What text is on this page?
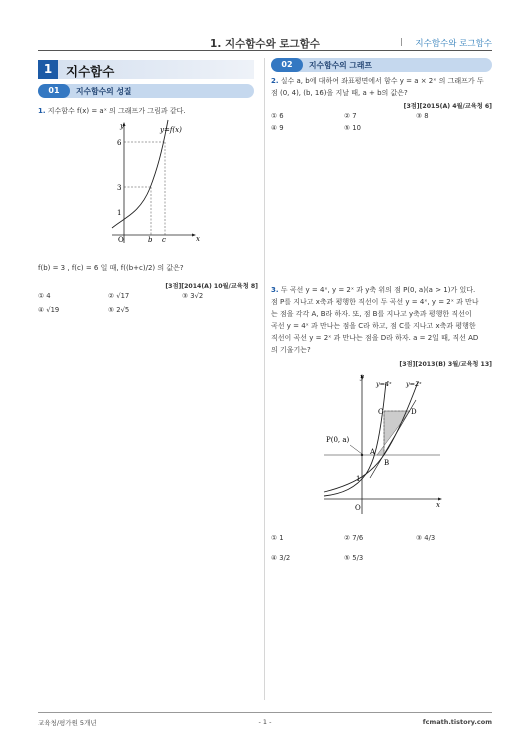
1. 지수함수와 로그함수	지수함수와 로그함수
1	지수함수
01	지수함수의 성질
1. 지수함수 f(x) = aˣ 의 그래프가 그림과 같다.
y
x
y=f(x)
6
3
1
O	b c
f(b) = 3 , f(c) = 6 일 때, f((b+c)/2) 의 값은?
[3점][2014(A) 10월/교육청 8]
① 4	② √17	③ 3√2
④ √19	⑤ 2√5
02	지수함수의 그래프
2. 실수 a, b에 대하여 좌표평면에서 함수 y = a × 2ˣ 의 그래프가 두
점 (0, 4), (b, 16)을 지날 때, a + b의 값은?
[3점][2015(A) 4월/교육청 6]
① 6	② 7	③ 8
④ 9	⑤ 10
3. 두 곡선 y = 4ˣ, y = 2ˣ 과 y축 위의 점 P(0, a)(a > 1)가 있다.
점 P를 지나고 x축과 평행한 직선이 두 곡선 y = 4ˣ, y = 2ˣ 과 만나
는 점을 각각 A, B라 하자. 또, 점 B를 지나고 y축과 평행한 직선이
곡선 y = 4ˣ 과 만나는 점을 C라 하고, 점 C를 지나고 x축과 평행한
직선이 곡선 y = 2ˣ 과 만나는 점을 D라 하자. a = 2일 때, 직선 AD
의 기울기는?
[3점][2013(B) 3월/교육청 13]
y
x
y=4ˣ y=2ˣ
P(0, a)
A
B
C	D
1
O
① 1	② 7/6	③ 4/3
④ 3/2	⑤ 5/3
교육청/평가원 5개년	- 1 -	fcmath.tistory.com
